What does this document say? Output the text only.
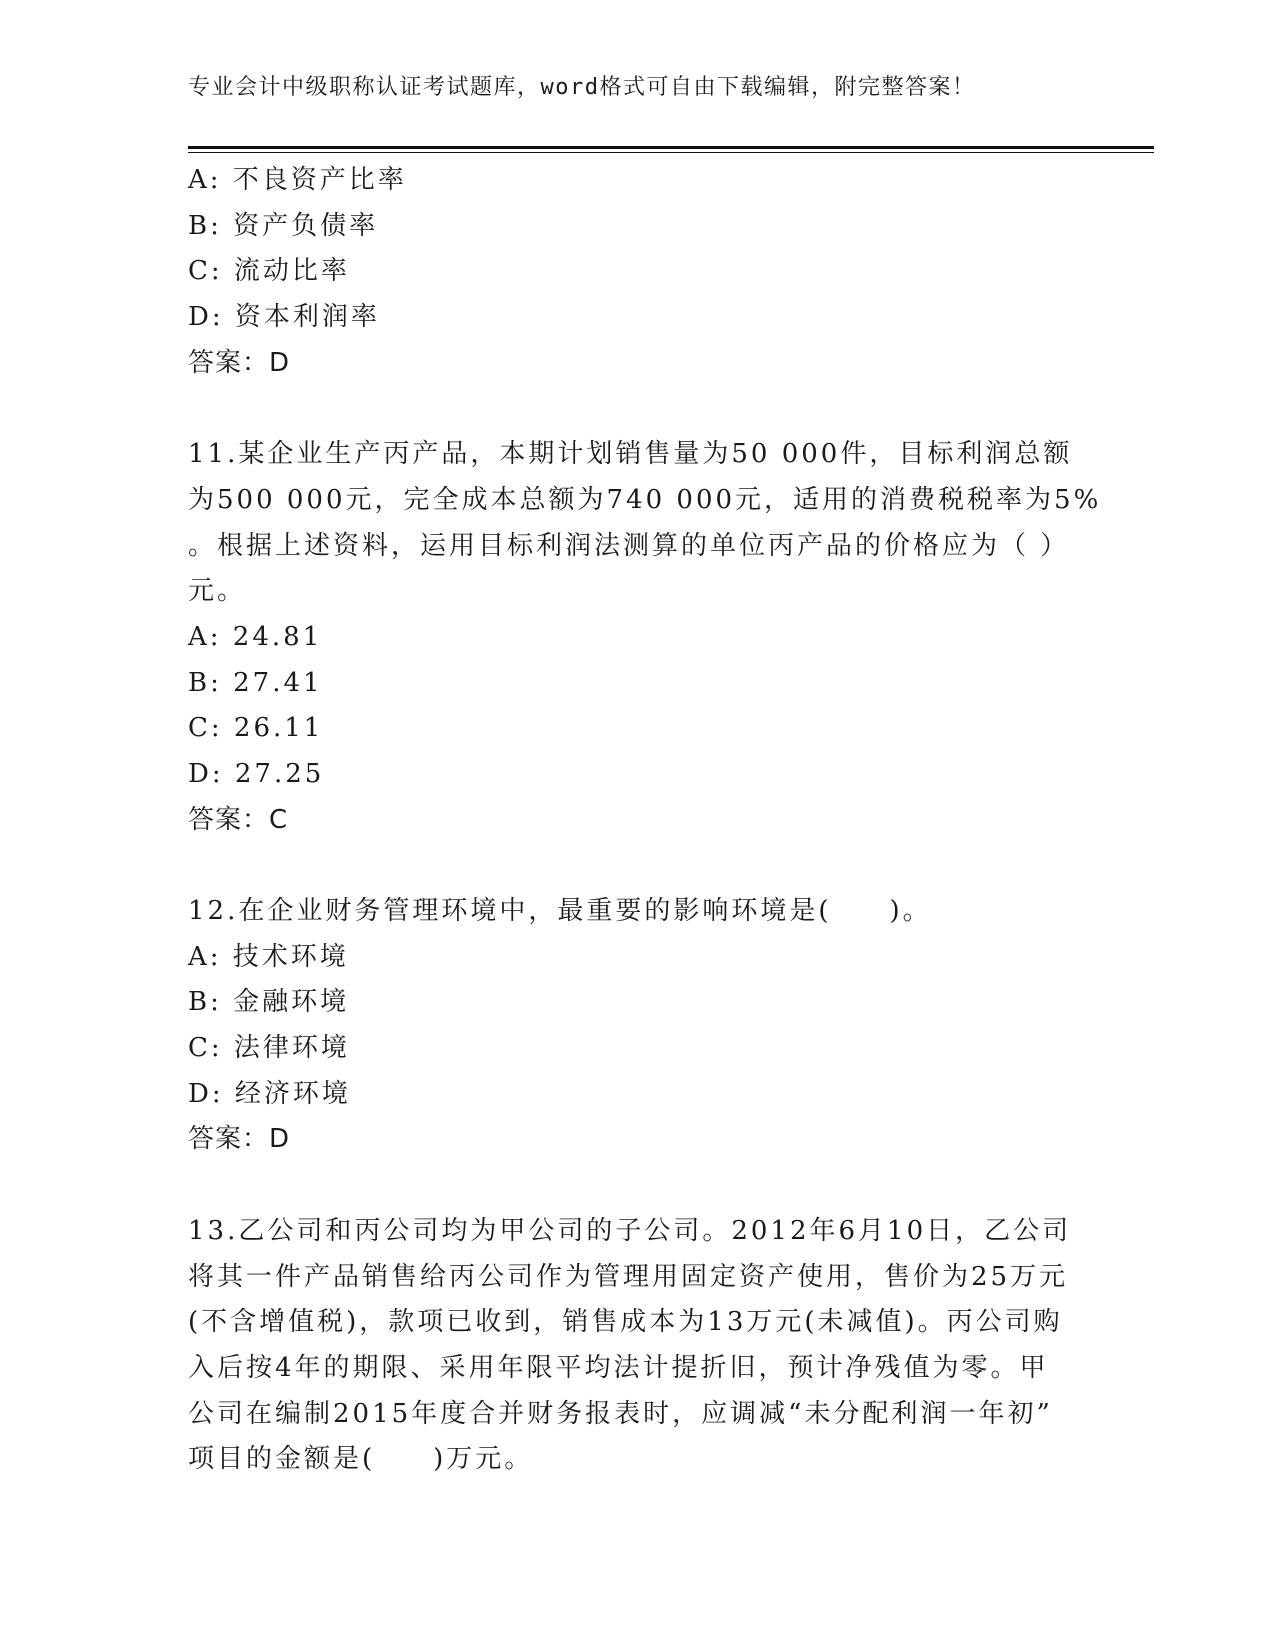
专业会计中级职称认证考试题库，word格式可自由下载编辑，附完整答案！
A: 不良资产比率
B: 资产负债率
C: 流动比率
D: 资本利润率
答案：D
11.某企业生产丙产品，本期计划销售量为50 000件，目标利润总额
为500 000元，完全成本总额为740 000元，适用的消费税税率为5%
。根据上述资料，运用目标利润法测算的单位丙产品的价格应为（ ）
元。
A: 24.81
B: 27.41
C: 26.11
D: 27.25
答案：C
12.在企业财务管理环境中，最重要的影响环境是(　　)。
A: 技术环境
B: 金融环境
C: 法律环境
D: 经济环境
答案：D
13.乙公司和丙公司均为甲公司的子公司。2012年6月10日，乙公司
将其一件产品销售给丙公司作为管理用固定资产使用，售价为25万元
(不含增值税)，款项已收到，销售成本为13万元(未减值)。丙公司购
入后按4年的期限、采用年限平均法计提折旧，预计净残值为零。甲
公司在编制2015年度合并财务报表时，应调减“未分配利润一年初”
项目的金额是(　　)万元。
